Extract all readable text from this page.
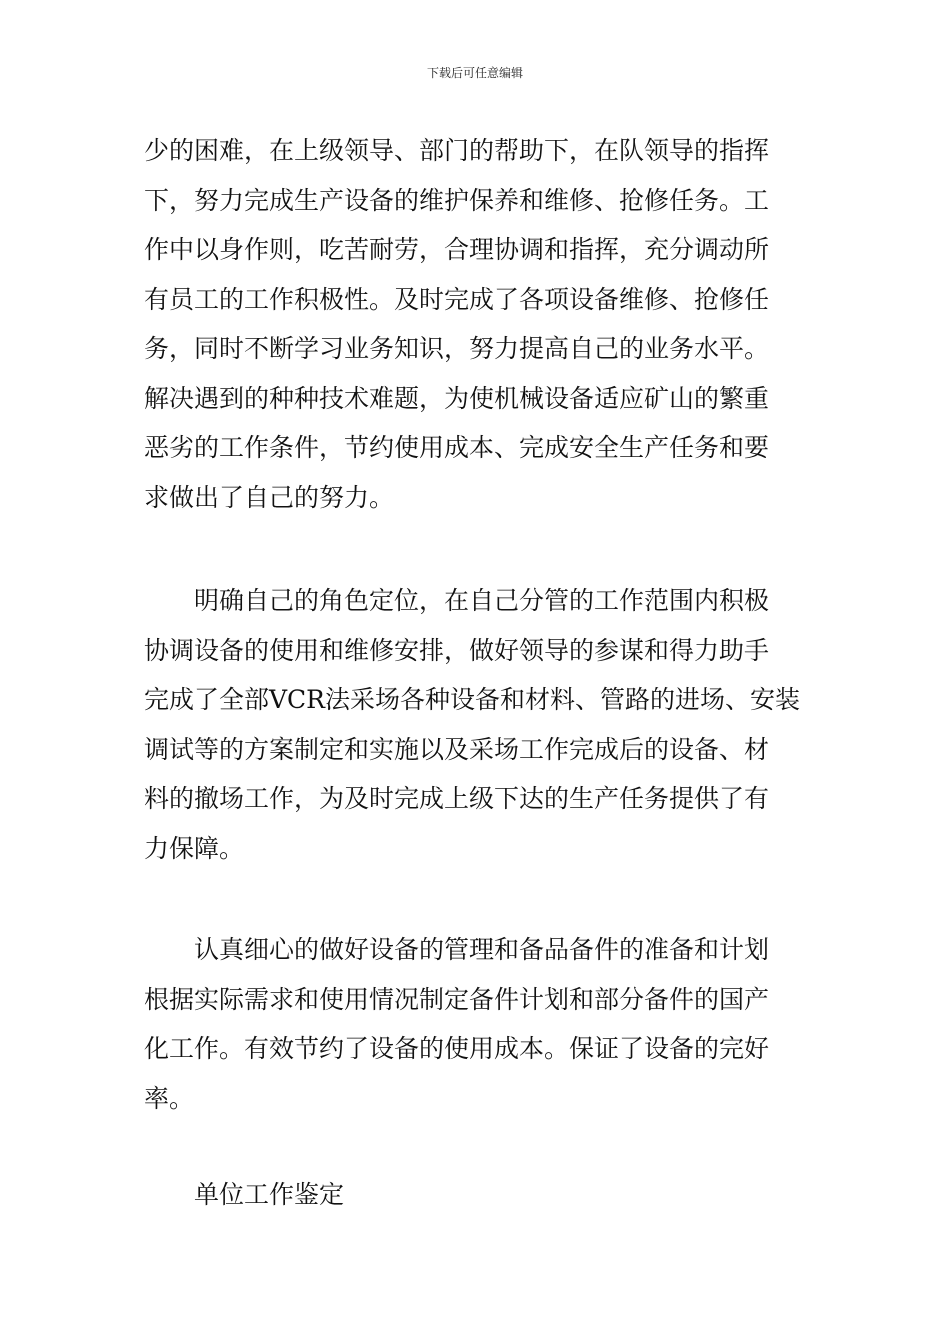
下载后可任意编辑
少的困难，在上级领导、部门的帮助下，在队领导的指挥
下，努力完成生产设备的维护保养和维修、抢修任务。工
作中以身作则，吃苦耐劳，合理协调和指挥，充分调动所
有员工的工作积极性。及时完成了各项设备维修、抢修任
务，同时不断学习业务知识，努力提高自己的业务水平。
解决遇到的种种技术难题，为使机械设备适应矿山的繁重
恶劣的工作条件，节约使用成本、完成安全生产任务和要
求做出了自己的努力。
　　明确自己的角色定位，在自己分管的工作范围内积极
协调设备的使用和维修安排，做好领导的参谋和得力助手
完成了全部VCR法采场各种设备和材料、管路的进场、安装
调试等的方案制定和实施以及采场工作完成后的设备、材
料的撤场工作，为及时完成上级下达的生产任务提供了有
力保障。
　　认真细心的做好设备的管理和备品备件的准备和计划
根据实际需求和使用情况制定备件计划和部分备件的国产
化工作。有效节约了设备的使用成本。保证了设备的完好
率。
　　单位工作鉴定
